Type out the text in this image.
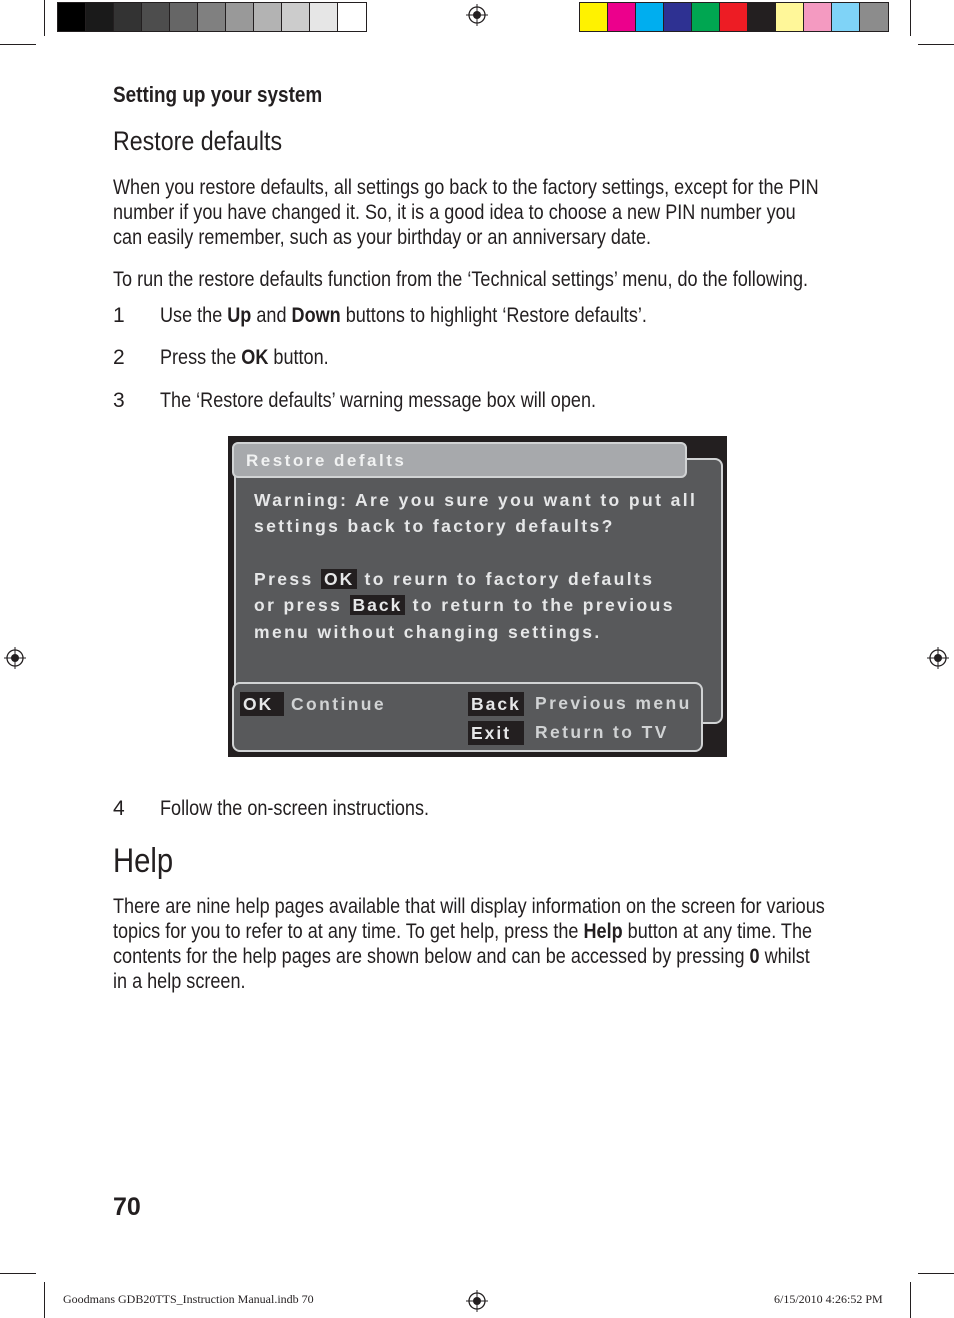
Setting up your system
Restore defaults
When you restore defaults, all settings go back to the factory settings, except for the PIN
number if you have changed it. So, it is a good idea to choose a new PIN number you
can easily remember, such as your birthday or an anniversary date.
To run the restore defaults function from the ‘Technical settings’ menu, do the following.
1 Use the Up and Down buttons to highlight ‘Restore defaults’.
2 Press the OK button.
3 The ‘Restore defaults’ warning message box will open.
Restore defalts
Warning: Are you sure you want to put all
settings back to factory defaults?
Press OK to reurn to factory defaults
or press Back to return to the previous
menu without changing settings.
OK	Continue	Back Previous menu
Exit	Return to TV
4 Follow the on-screen instructions.
Help
There are nine help pages available that will display information on the screen for various
topics for you to refer to at any time. To get help, press the Help button at any time. The
contents for the help pages are shown below and can be accessed by pressing 0 whilst
in a help screen.
70
Goodmans GDB20TTS_Instruction Manual.indb 70	6/15/2010 4:26:52 PM
